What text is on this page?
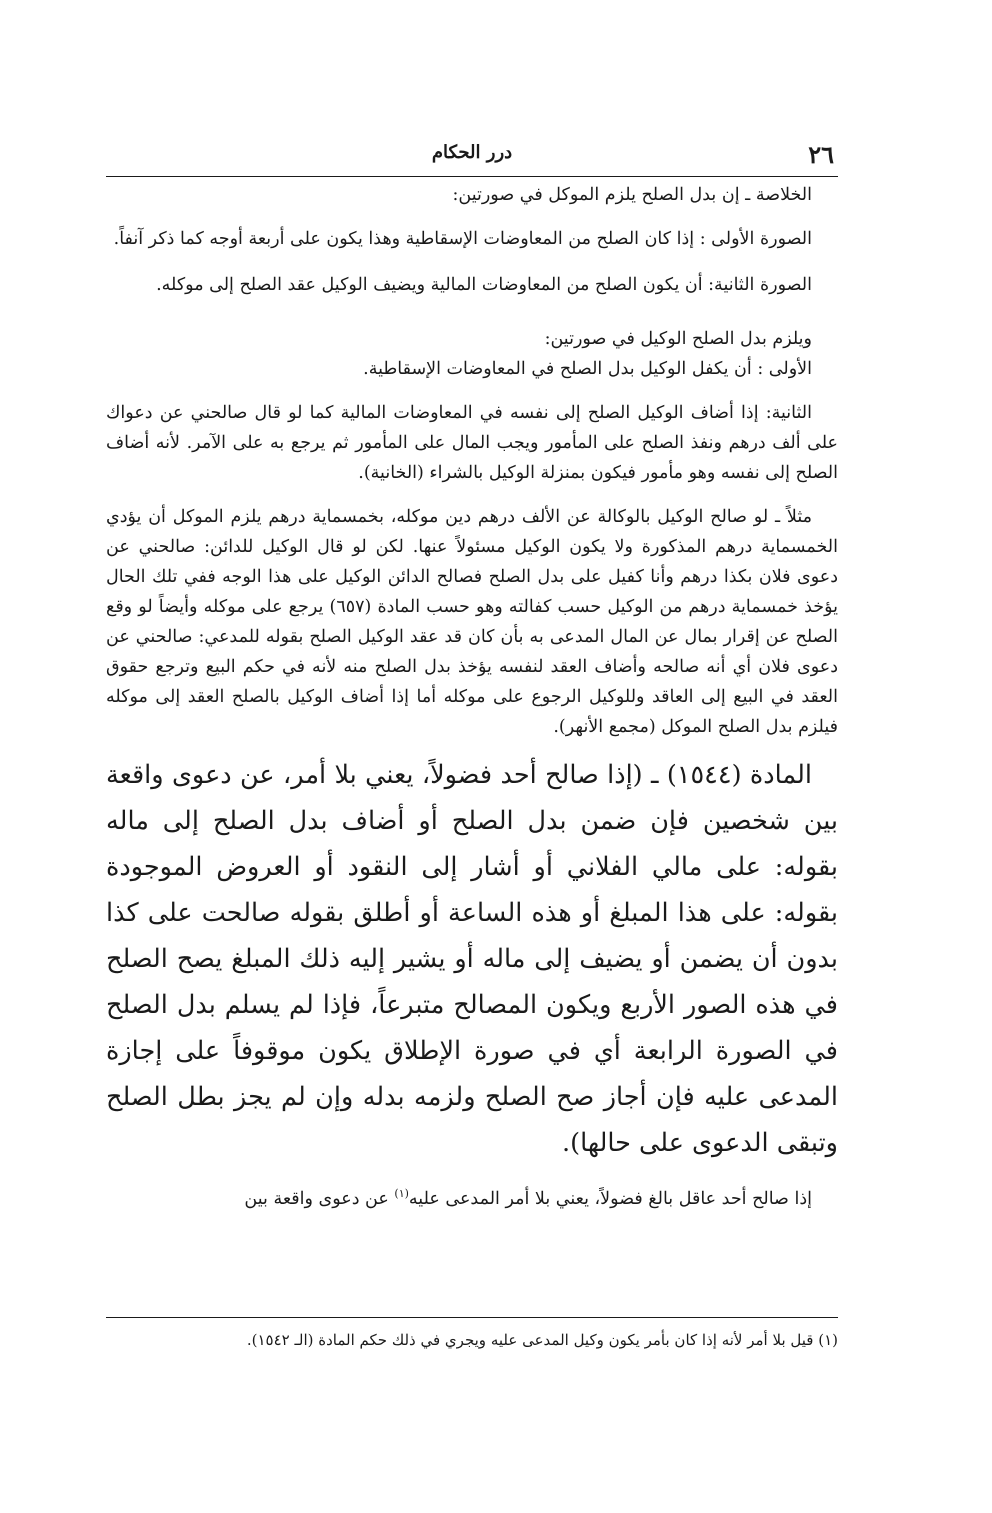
٢٦
درر الحكام

الخلاصة ـ إن بدل الصلح يلزم الموكل في صورتين:

الصورة الأولى : إذا كان الصلح من المعاوضات الإسقاطية وهذا يكون على أربعة أوجه كما ذكر آنفاً.

الصورة الثانية: أن يكون الصلح من المعاوضات المالية ويضيف الوكيل عقد الصلح إلى موكله.

ويلزم بدل الصلح الوكيل في صورتين:

الأولى : أن يكفل الوكيل بدل الصلح في المعاوضات الإسقاطية.

الثانية: إذا أضاف الوكيل الصلح إلى نفسه في المعاوضات المالية كما لو قال صالحني عن دعواك على ألف درهم ونفذ الصلح على المأمور ويجب المال على المأمور ثم يرجع به على الآمر. لأنه أضاف الصلح إلى نفسه وهو مأمور فيكون بمنزلة الوكيل بالشراء (الخانية).

مثلاً ـ لو صالح الوكيل بالوكالة عن الألف درهم دين موكله، بخمسماية درهم يلزم الموكل أن يؤدي الخمسماية درهم المذكورة ولا يكون الوكيل مسئولاً عنها. لكن لو قال الوكيل للدائن: صالحني عن دعوى فلان بكذا درهم وأنا كفيل على بدل الصلح فصالح الدائن الوكيل على هذا الوجه ففي تلك الحال يؤخذ خمسماية درهم من الوكيل حسب كفالته وهو حسب المادة (٦٥٧) يرجع على موكله وأيضاً لو وقع الصلح عن إقرار بمال عن المال المدعى به بأن كان قد عقد الوكيل الصلح بقوله للمدعي: صالحني عن دعوى فلان أي أنه صالحه وأضاف العقد لنفسه يؤخذ بدل الصلح منه لأنه في حكم البيع وترجع حقوق العقد في البيع إلى العاقد وللوكيل الرجوع على موكله أما إذا أضاف الوكيل بالصلح العقد إلى موكله فيلزم بدل الصلح الموكل (مجمع الأنهر).

المادة (١٥٤٤) ـ (إذا صالح أحد فضولاً، يعني بلا أمر، عن دعوى واقعة بين شخصين فإن ضمن بدل الصلح أو أضاف بدل الصلح إلى ماله بقوله: على مالي الفلاني أو أشار إلى النقود أو العروض الموجودة بقوله: على هذا المبلغ أو هذه الساعة أو أطلق بقوله صالحت على كذا بدون أن يضمن أو يضيف إلى ماله أو يشير إليه ذلك المبلغ يصح الصلح في هذه الصور الأربع ويكون المصالح متبرعاً، فإذا لم يسلم بدل الصلح في الصورة الرابعة أي في صورة الإطلاق يكون موقوفاً على إجازة المدعى عليه فإن أجاز صح الصلح ولزمه بدله وإن لم يجز بطل الصلح وتبقى الدعوى على حالها).

إذا صالح أحد عاقل بالغ فضولاً، يعني بلا أمر المدعى عليه$^{(١)}$ عن دعوى واقعة بين

(١) قيل بلا أمر لأنه إذا كان بأمر يكون وكيل المدعى عليه ويجري في ذلك حكم المادة (الـ ١٥٤٢).
